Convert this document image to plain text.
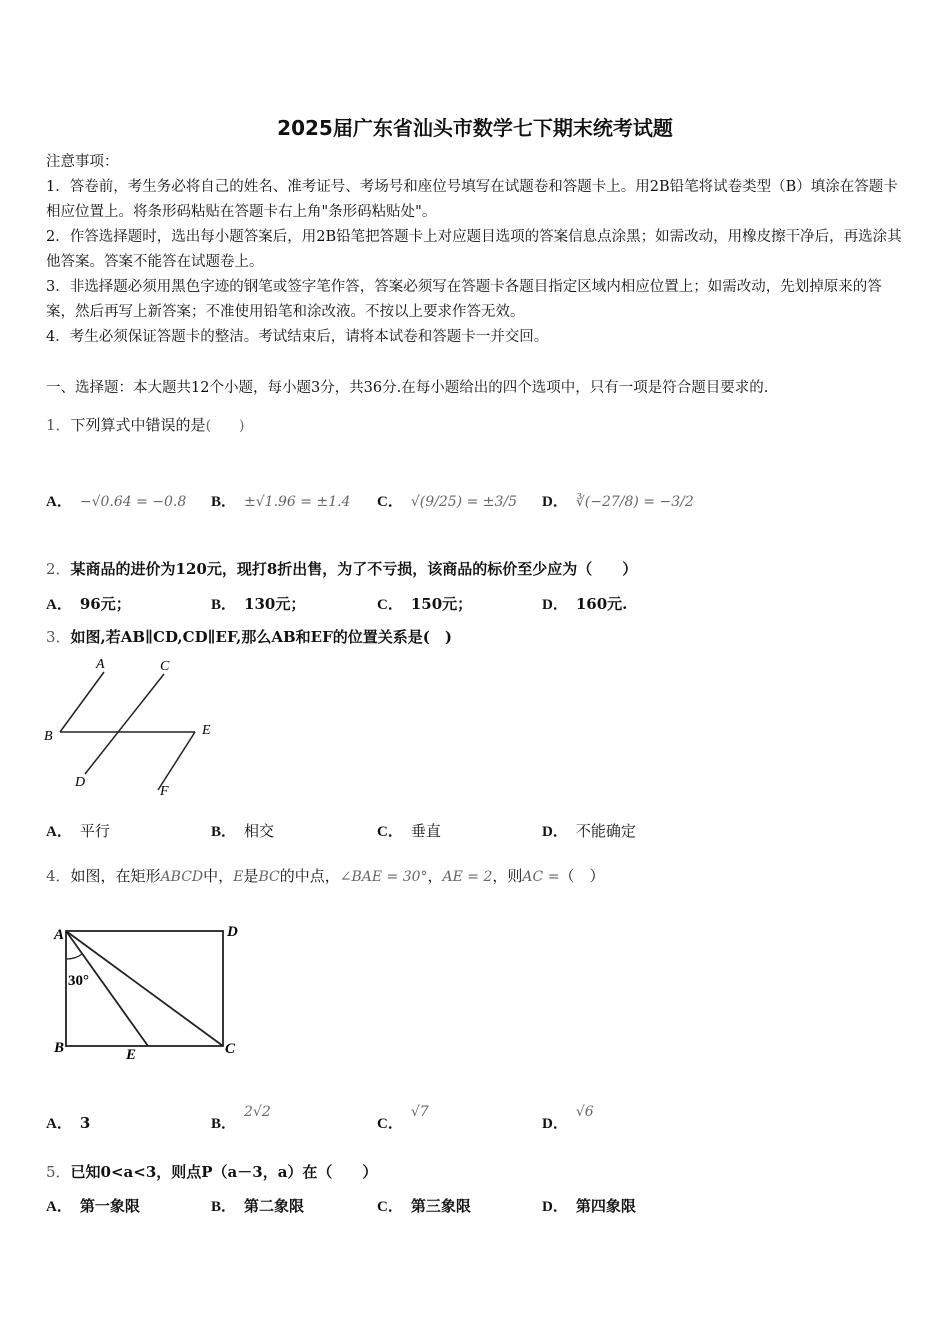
2025届广东省汕头市数学七下期末统考试题
注意事项：
1．答卷前，考生务必将自己的姓名、准考证号、考场号和座位号填写在试题卷和答题卡上。用2B铅笔将试卷类型（B）填涂在答题卡相应位置上。将条形码粘贴在答题卡右上角"条形码粘贴处"。
2．作答选择题时，选出每小题答案后，用2B铅笔把答题卡上对应题目选项的答案信息点涂黑；如需改动，用橡皮擦干净后，再选涂其他答案。答案不能答在试题卷上。
3．非选择题必须用黑色字迹的钢笔或签字笔作答，答案必须写在答题卡各题目指定区域内相应位置上；如需改动，先划掉原来的答案，然后再写上新答案；不准使用铅笔和涂改液。不按以上要求作答无效。
4．考生必须保证答题卡的整洁。考试结束后，请将本试卷和答题卡一并交回。
一、选择题：本大题共12个小题，每小题3分，共36分.在每小题给出的四个选项中，只有一项是符合题目要求的.
1．下列算式中错误的是(　　)
A． −√0.64 = −0.8 B． ±√1.96 = ±1.4 C． √(9/25) = ±3/5 D． ∛(−27/8) = −3/2
2．某商品的进价为120元，现打8折出售，为了不亏损，该商品的标价至少应为（　　）
A． 96元；	B． 130元；	C． 150元；	D． 160元.
3．如图,若AB∥CD,CD∥EF,那么AB和EF的位置关系是(　)
A	C
B	E
D
F
A． 平行	B． 相交	C． 垂直	D． 不能确定
4．如图，在矩形ABCD中，E是BC的中点，∠BAE = 30°，AE = 2，则AC =（　）
A	D
B	E	C
30°
A． 3	B．2√2
C．√7
D．√6
5．已知0<a<3，则点P（a－3，a）在（　　）
A． 第一象限	B． 第二象限	C． 第三象限	D． 第四象限
